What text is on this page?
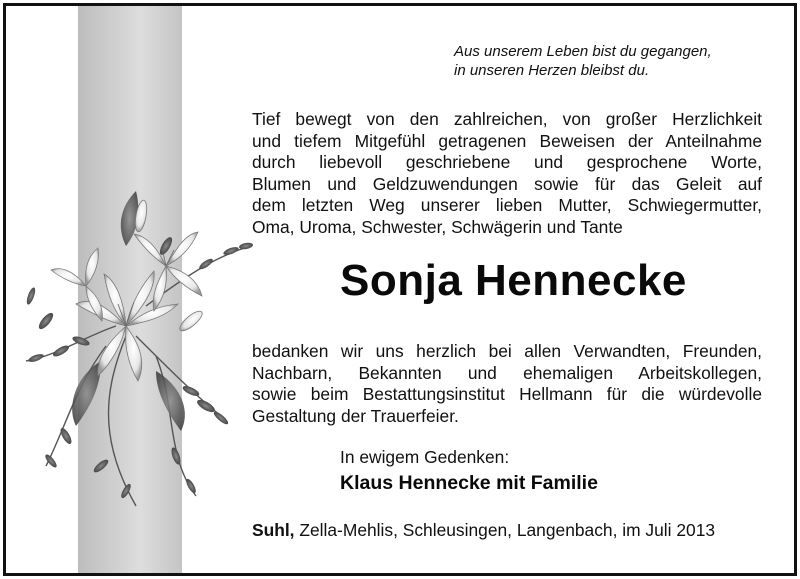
Aus unserem Leben bist du gegangen,
in unseren Herzen bleibst du.
Tief bewegt von den zahlreichen, von großer Herzlichkeit
und tiefem Mitgefühl getragenen Beweisen der Anteilnahme
durch liebevoll geschriebene und gesprochene Worte,
Blumen und Geldzuwendungen sowie für das Geleit auf
dem letzten Weg unserer lieben Mutter, Schwiegermutter,
Oma, Uroma, Schwester, Schwägerin und Tante
Sonja Hennecke
bedanken wir uns herzlich bei allen Verwandten, Freunden,
Nachbarn, Bekannten und ehemaligen Arbeitskollegen,
sowie beim Bestattungsinstitut Hellmann für die würdevolle
Gestaltung der Trauerfeier.
In ewigem Gedenken:
Klaus Hennecke mit Familie
Suhl, Zella-Mehlis, Schleusingen, Langenbach, im Juli 2013
